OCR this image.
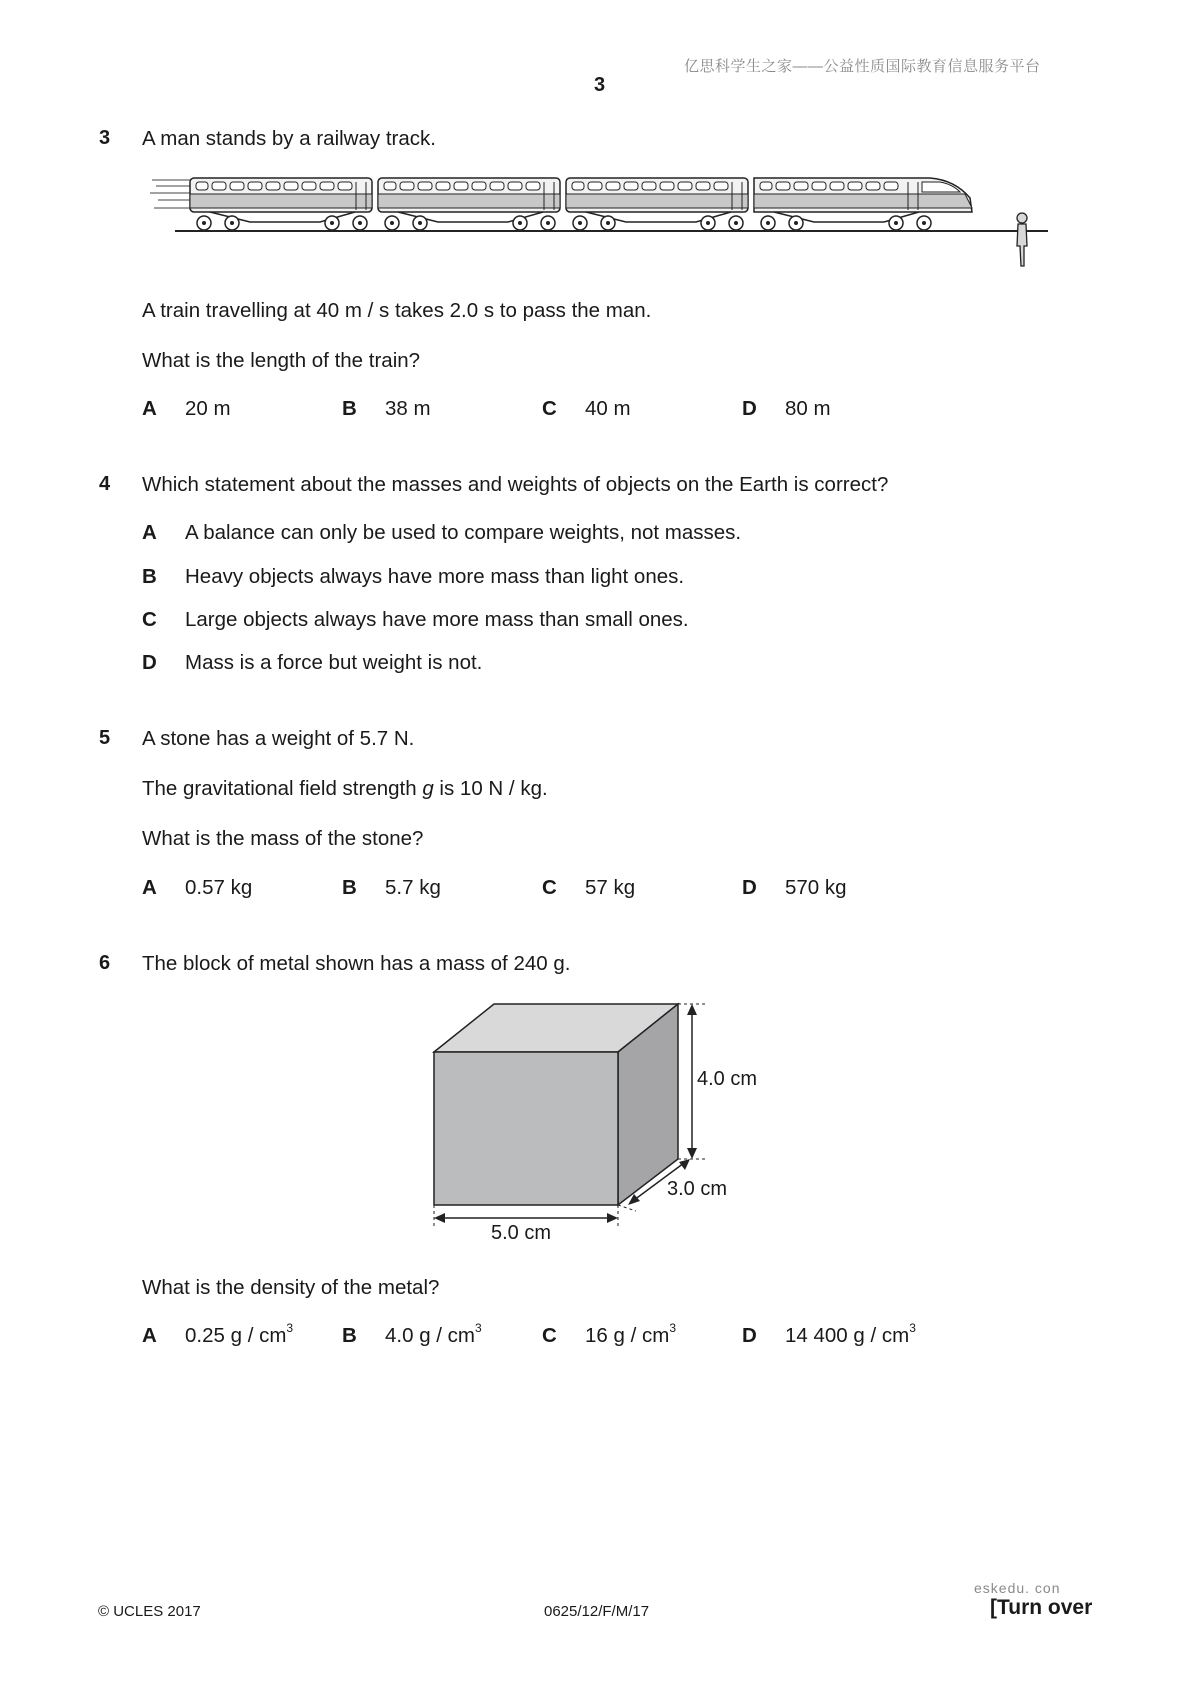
亿思科学生之家——公益性质国际教育信息服务平台
3
3 A man stands by a railway track.
A train travelling at 40 m / s takes 2.0 s to pass the man.
What is the length of the train?
A 20 m	B 38 m	C 40 m	D 80 m
4 Which statement about the masses and weights of objects on the Earth is correct?
A A balance can only be used to compare weights, not masses.
B Heavy objects always have more mass than light ones.
C Large objects always have more mass than small ones.
D Mass is a force but weight is not.
5 A stone has a weight of 5.7 N.
The gravitational field strength g is 10 N / kg.
What is the mass of the stone?
A 0.57 kg	B 5.7 kg	C 57 kg	D 570 kg
6 The block of metal shown has a mass of 240 g.
4.0 cm
3.0 cm
5.0 cm
What is the density of the metal?
A 0.25 g / $cm^3$ B 4.0 g / $cm^3$	C 16 g / $cm^3$	D 14 400 g / $cm^3$
eskedu. con
© UCLES 2017	0625/12/F/M/17	[Turn over
